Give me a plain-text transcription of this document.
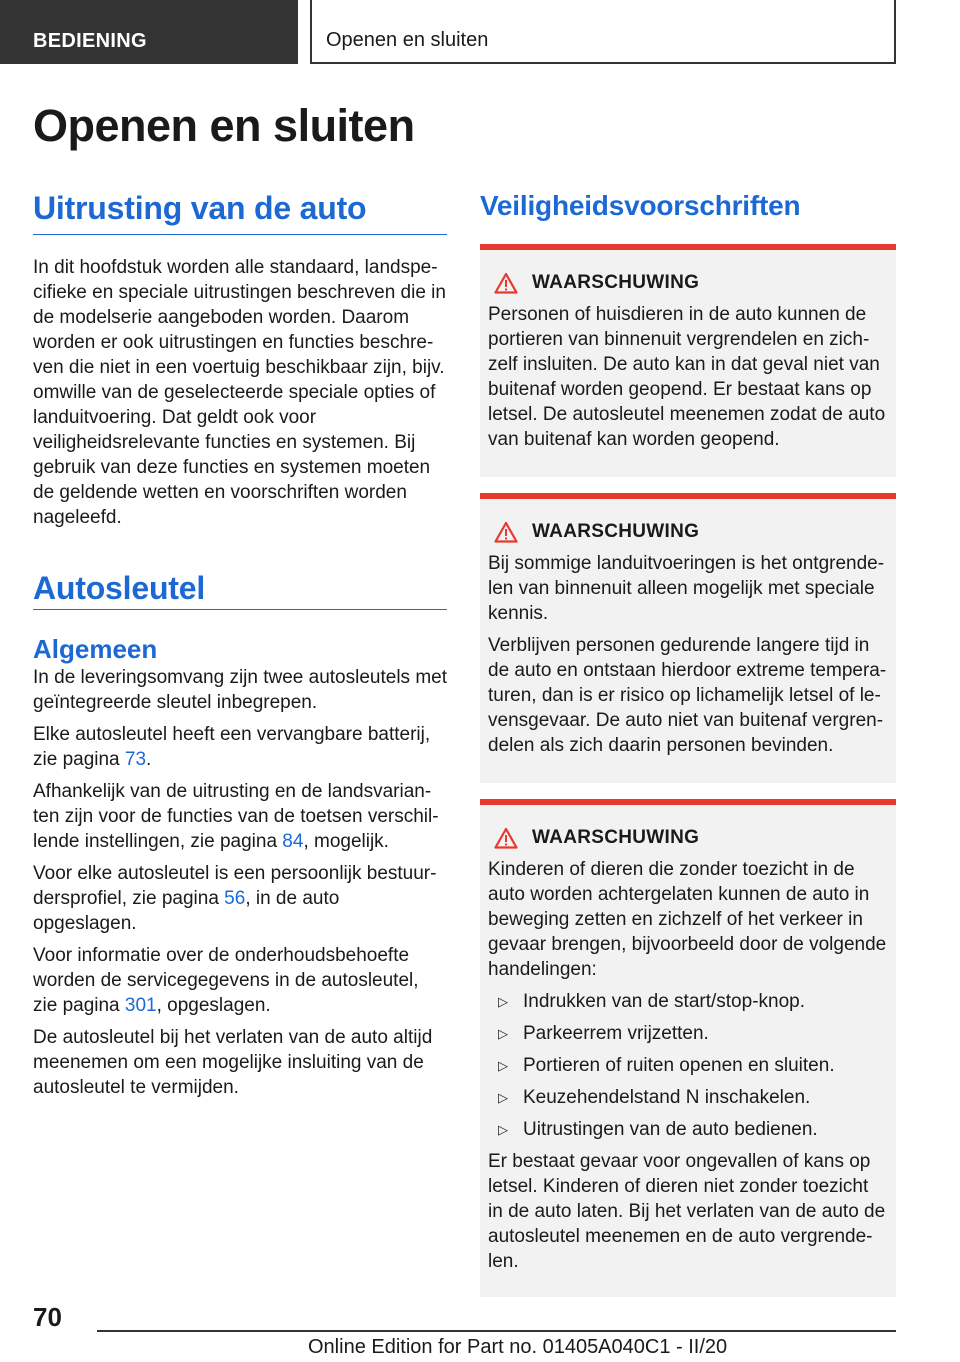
BEDIENING	Openen en sluiten
Openen en sluiten
Uitrusting van de auto

In dit hoofdstuk worden alle standaard, landspecifieke en speciale uitrustingen beschreven die in de modelserie aangeboden worden. Daarom worden er ook uitrustingen en functies beschreven die niet in een voertuig beschikbaar zijn, bijv. omwille van de geselecteerde speciale opties of landuitvoering. Dat geldt ook voor veiligheidsrelevante functies en systemen. Bij gebruik van deze functies en systemen moeten de geldende wetten en voorschriften worden nageleefd.

Autosleutel
Algemeen

In de leveringsomvang zijn twee autosleutels met geïntegreerde sleutel inbegrepen.

Elke autosleutel heeft een vervangbare batterij, zie pagina 73.

Afhankelijk van de uitrusting en de landsvarianten zijn voor de functies van de toetsen verschillende instellingen, zie pagina 84, mogelijk.

Voor elke autosleutel is een persoonlijk bestuurdersprofiel, zie pagina 56, in de auto opgeslagen.

Voor informatie over de onderhoudsbehoefte worden de servicegegevens in de autosleutel, zie pagina 301, opgeslagen.

De autosleutel bij het verlaten van de auto altijd meenemen om een mogelijke insluiting van de autosleutel te vermijden.

Veiligheidsvoorschriften
WAARSCHUWING

Personen of huisdieren in de auto kunnen de portieren van binnenuit vergrendelen en zichzelf insluiten. De auto kan in dat geval niet van buitenaf worden geopend. Er bestaat kans op letsel. De autosleutel meenemen zodat de auto van buitenaf kan worden geopend.

WAARSCHUWING

Bij sommige landuitvoeringen is het ontgrendelen van binnenuit alleen mogelijk met speciale kennis.

Verblijven personen gedurende langere tijd in de auto en ontstaan hierdoor extreme temperaturen, dan is er risico op lichamelijk letsel of levensgevaar. De auto niet van buitenaf vergrendelen als zich daarin personen bevinden.

WAARSCHUWING

Kinderen of dieren die zonder toezicht in de auto worden achtergelaten kunnen de auto in beweging zetten en zichzelf of het verkeer in gevaar brengen, bijvoorbeeld door de volgende handelingen:

▷ Indrukken van de start/stop-knop.
▷ Parkeerrem vrijzetten.
▷ Portieren of ruiten openen en sluiten.
▷ Keuzehendelstand N inschakelen.
▷ Uitrustingen van de auto bedienen.

Er bestaat gevaar voor ongevallen of kans op letsel. Kinderen of dieren niet zonder toezicht in de auto laten. Bij het verlaten van de auto de autosleutel meenemen en de auto vergrendelen.

70
Online Edition for Part no. 01405A040C1 - II/20
